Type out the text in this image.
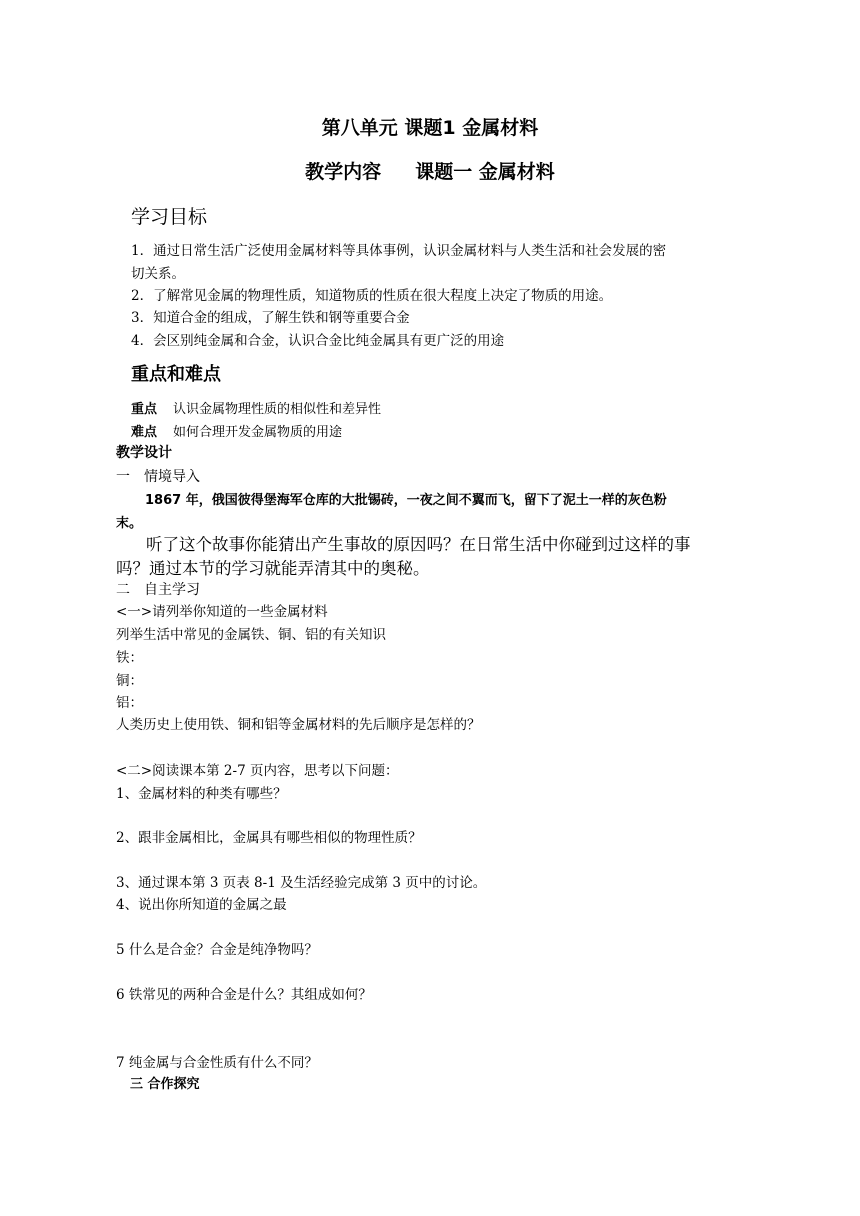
第八单元 课题1 金属材料
教学内容 课题一 金属材料
学习目标
1．通过日常生活广泛使用金属材料等具体事例，认识金属材料与人类生活和社会发展的密
切关系。
2．了解常见金属的物理性质，知道物质的性质在很大程度上决定了物质的用途。
3．知道合金的组成，了解生铁和钢等重要合金
4．会区别纯金属和合金，认识合金比纯金属具有更广泛的用途
重点和难点
重点 认识金属物理性质的相似性和差异性
难点 如何合理开发金属物质的用途
教学设计
一　情境导入
1867 年，俄国彼得堡海军仓库的大批锡砖，一夜之间不翼而飞，留下了泥土一样的灰色粉
末。
听了这个故事你能猜出产生事故的原因吗？在日常生活中你碰到过这样的事
吗？通过本节的学习就能弄清其中的奥秘。
二　自主学习
<一>请列举你知道的一些金属材料
列举生活中常见的金属铁、铜、铝的有关知识
铁：
铜：
铝：
人类历史上使用铁、铜和铝等金属材料的先后顺序是怎样的？
<二>阅读课本第 2-7 页内容，思考以下问题：
1、金属材料的种类有哪些？
2、跟非金属相比，金属具有哪些相似的物理性质？
3、通过课本第 3 页表 8-1 及生活经验完成第 3 页中的讨论。
4、说出你所知道的金属之最
5 什么是合金？合金是纯净物吗？
6 铁常见的两种合金是什么？其组成如何？
7 纯金属与合金性质有什么不同？
三 合作探究
